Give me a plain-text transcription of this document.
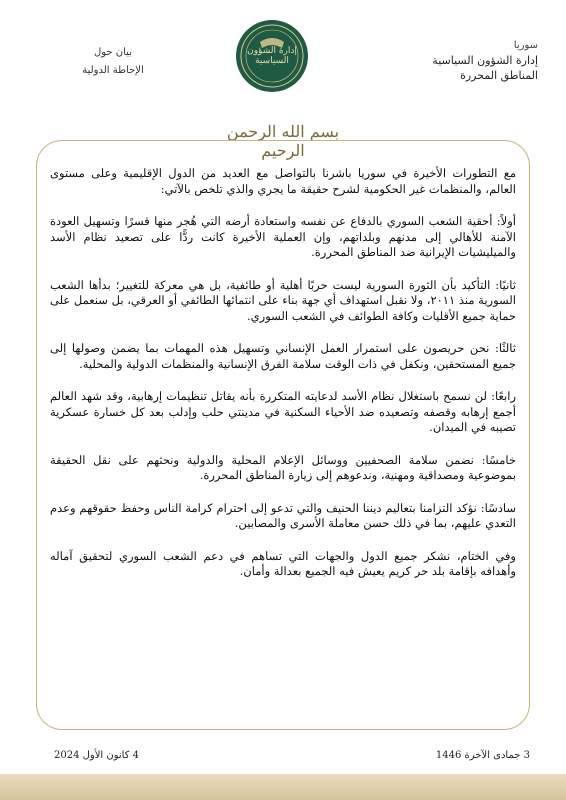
سوريا
إدارة الشؤون السياسية
المناطق المحررة
إدارة الشؤون السياسية
بيان حول
الإحاطة الدولية
بسم الله الرحمن الرحيم

مع التطورات الأخيرة في سوريا باشرنا بالتواصل مع العديد من الدول الإقليمية وعلى مستوى العالم، والمنظمات غير الحكومية لشرح حقيقة ما يجري والذي تلخص بالآتي:

أولاً: أحقية الشعب السوري بالدفاع عن نفسه واستعادة أرضه التي هُجر منها قسرًا وتسهيل العودة الآمنة للأهالي إلى مدنهم وبلداتهم، وإن العملية الأخيرة كانت ردًّا على تصعيد نظام الأسد والميليشيات الإيرانية ضد المناطق المحررة.

ثانيًا: التأكيد بأن الثورة السورية ليست حربًا أهلية أو طائفية، بل هي معركة للتغيير؛ بدأها الشعب السورية منذ ٢٠١١، ولا نقبل استهداف أي جهة بناء على انتمائها الطائفي أو العرقي، بل سنعمل على حماية جميع الأقليات وكافة الطوائف في الشعب السوري.

ثالثًا: نحن حريصون على استمرار العمل الإنساني وتسهيل هذه المهمات بما يضمن وصولها إلى جميع المستحقين، ونكفل في ذات الوقت سلامة الفرق الإنسانية والمنظمات الدولية والمحلية.

رابعًا: لن نسمح باستغلال نظام الأسد لدعايته المتكررة بأنه يقاتل تنظيمات إرهابية، وقد شهد العالم أجمع إرهابه وقصفه وتصعيده ضد الأحياء السكنية في مدينتي حلب وإدلب بعد كل خسارة عسكرية تصيبه في الميدان.

خامسًا: نضمن سلامة الصحفيين ووسائل الإعلام المحلية والدولية ونحثهم على نقل الحقيقة بموضوعية ومصداقية ومهنية، وندعوهم إلى زيارة المناطق المحررة.

سادسًا: نؤكد التزامنا بتعاليم ديننا الحنيف والتي تدعو إلى احترام كرامة الناس وحفظ حقوقهم وعدم التعدي عليهم، بما في ذلك حسن معاملة الأسرى والمصابين.

وفي الختام، نشكر جميع الدول والجهات التي تساهم في دعم الشعب السوري لتحقيق آماله وأهدافه بإقامة بلد حر كريم يعيش فيه الجميع بعدالة وأمان.

3 جمادى الآخرة 1446
4 كانون الأول 2024
